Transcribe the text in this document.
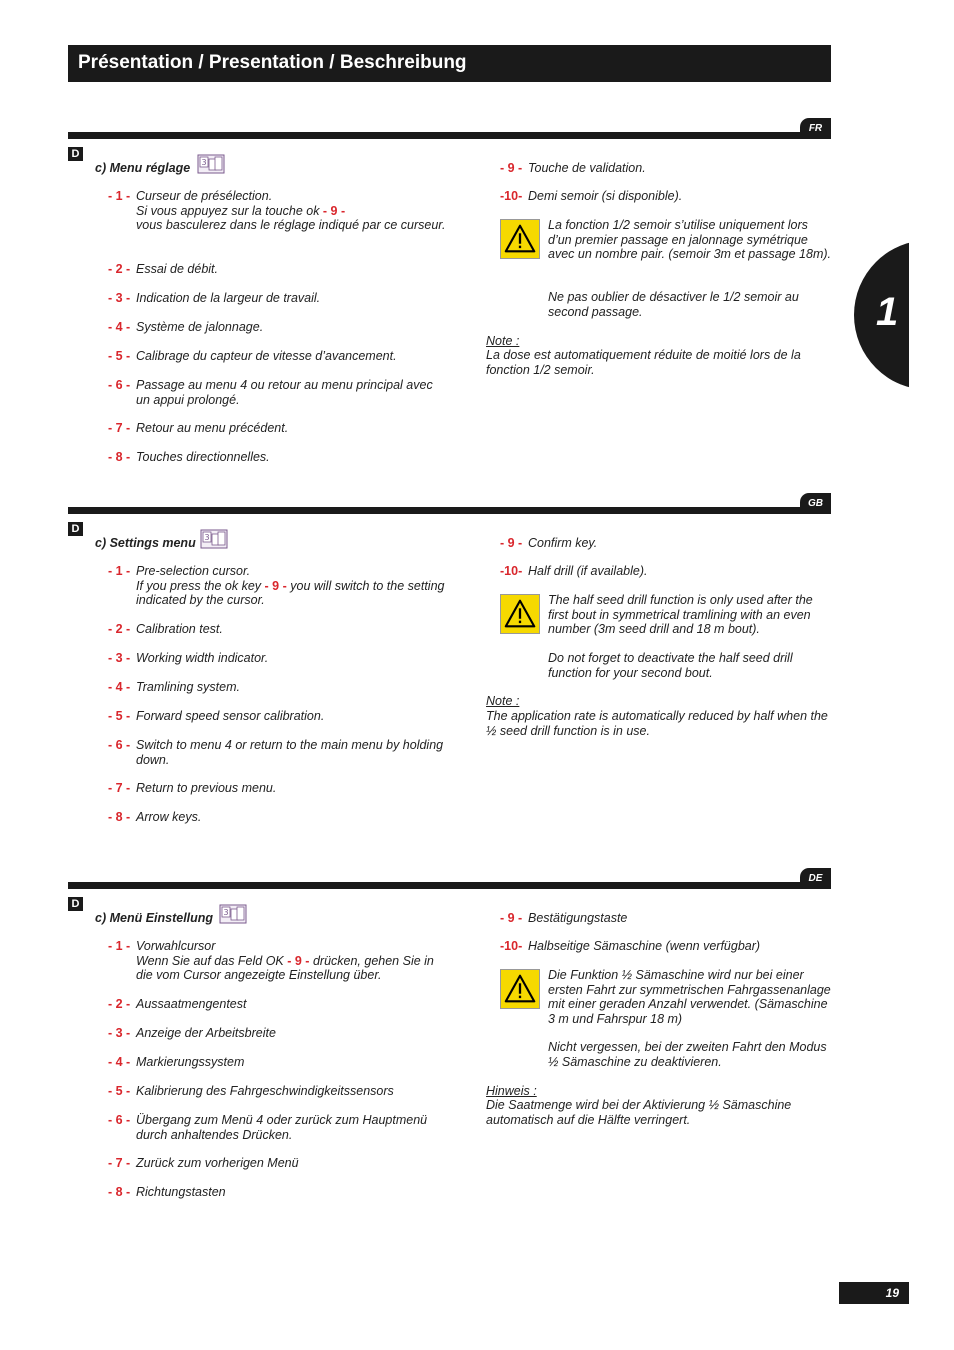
Présentation / Presentation / Beschreibung
1
FR
D
c) Menu réglage 3
- 1 - Curseur de présélection.
Si vous appuyez sur la touche ok - 9 -
vous basculerez dans le réglage indiqué par ce curseur.
- 2 - Essai de débit.
- 3 - Indication de la largeur de travail.
- 4 - Système de jalonnage.
- 5 - Calibrage du capteur de vitesse d’avancement.
- 6 - Passage au menu 4 ou retour au menu principal avec un appui prolongé.
- 7 - Retour au menu précédent.
- 8 - Touches directionnelles.
- 9 - Touche de validation.
-10- Demi semoir (si disponible).
La fonction 1/2 semoir s’utilise uniquement lors d’un premier passage en jalonnage symétrique avec un nombre pair. (semoir 3m et passage 18m).
Ne pas oublier de désactiver le 1/2 semoir au second passage.
Note :
La dose est automatiquement réduite de moitié lors de la fonction 1/2 semoir.
GB
D
c) Settings menu 3
- 1 - Pre-selection cursor.
If you press the ok key - 9 - you will switch to the setting indicated by the cursor.
- 2 - Calibration test.
- 3 - Working width indicator.
- 4 - Tramlining system.
- 5 - Forward speed sensor calibration.
- 6 - Switch to menu 4 or return to the main menu by holding down.
- 7 - Return to previous menu.
- 8 - Arrow keys.
- 9 - Confirm key.
-10- Half drill (if available).
The half seed drill function is only used after the first bout in symmetrical tramlining with an even number (3m seed drill and 18 m bout).
Do not forget to deactivate the half seed drill function for your second bout.
Note :
The application rate is automatically reduced by half when the ½ seed drill function is in use.
DE
D
c) Menü Einstellung 3
- 1 - Vorwahlcursor
Wenn Sie auf das Feld OK - 9 - drücken, gehen Sie in die vom Cursor angezeigte Einstellung über.
- 2 - Aussaatmengentest
- 3 - Anzeige der Arbeitsbreite
- 4 - Markierungssystem
- 5 - Kalibrierung des Fahrgeschwindigkeitssensors
- 6 - Übergang zum Menü 4 oder zurück zum Hauptmenü durch anhaltendes Drücken.
- 7 - Zurück zum vorherigen Menü
- 8 - Richtungstasten
- 9 - Bestätigungstaste
-10- Halbseitige Sämaschine (wenn verfügbar)
Die Funktion ½ Sämaschine wird nur bei einer ersten Fahrt zur symmetrischen Fahrgassenanlage mit einer geraden Anzahl verwendet. (Sämaschine 3 m und Fahrspur 18 m)
Nicht vergessen, bei der zweiten Fahrt den Modus ½ Sämaschine zu deaktivieren.
Hinweis :
Die Saatmenge wird bei der Aktivierung ½ Sämaschine automatisch auf die Hälfte verringert.
19
